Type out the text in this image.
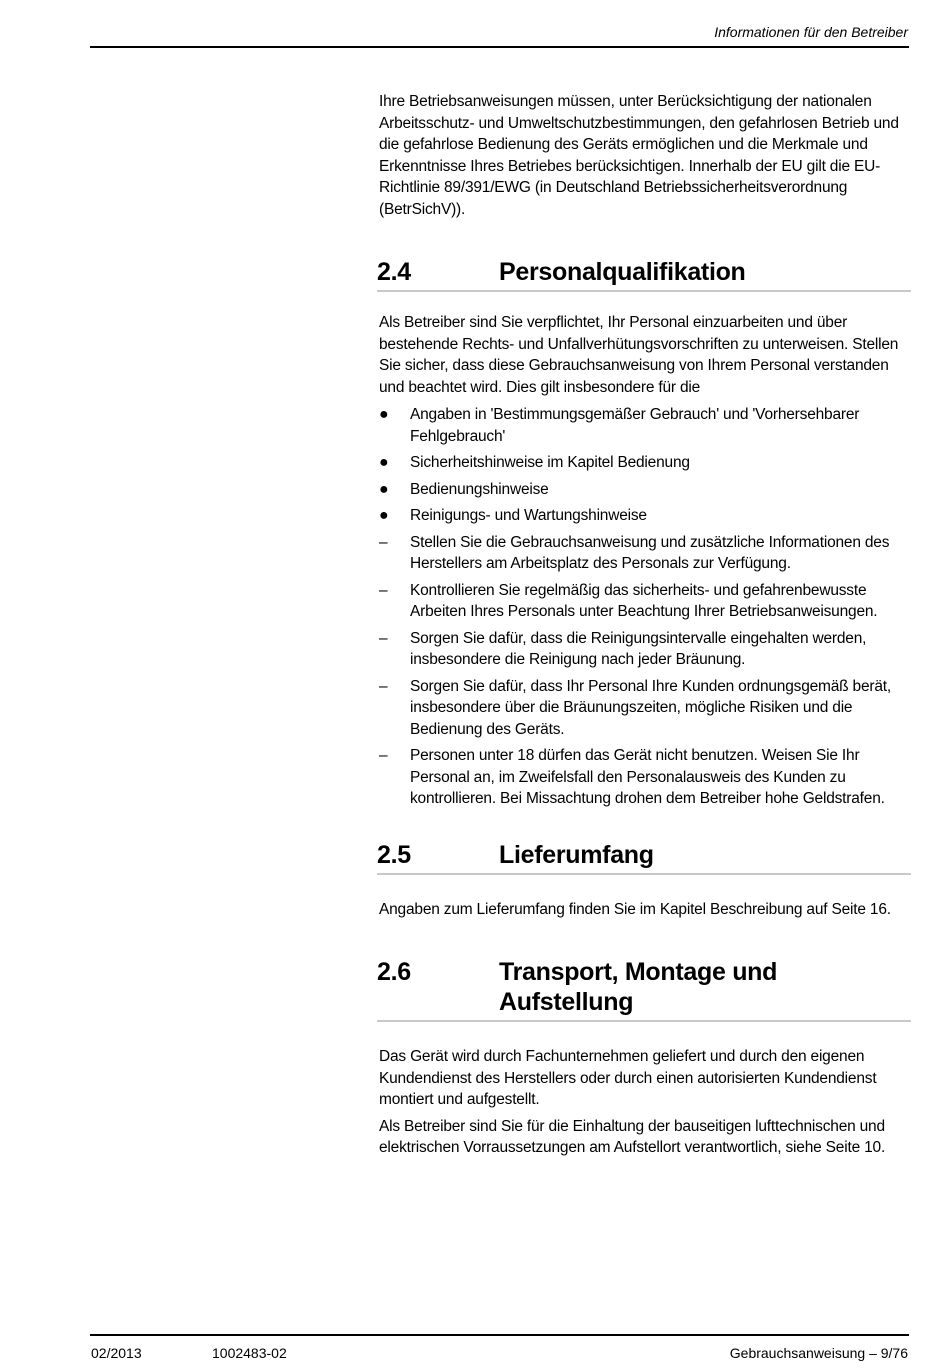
Informationen für den Betreiber

Ihre Betriebsanweisungen müssen, unter Berücksichtigung der nationalen Arbeitsschutz- und Umweltschutzbestimmungen, den gefahrlosen Betrieb und die gefahrlose Bedienung des Geräts ermöglichen und die Merkmale und Erkenntnisse Ihres Betriebes berücksichtigen. Innerhalb der EU gilt die EU-Richtlinie 89/391/EWG (in Deutschland Betriebssicherheitsverordnung (BetrSichV)).

2.4	Personalqualifikation

Als Betreiber sind Sie verpflichtet, Ihr Personal einzuarbeiten und über bestehende Rechts- und Unfallverhütungsvorschriften zu unterweisen. Stellen Sie sicher, dass diese Gebrauchsanweisung von Ihrem Personal verstanden und beachtet wird. Dies gilt insbesondere für die

●	Angaben in 'Bestimmungsgemäßer Gebrauch' und 'Vorhersehbarer Fehlgebrauch'
●	Sicherheitshinweise im Kapitel Bedienung
●	Bedienungshinweise
●	Reinigungs- und Wartungshinweise
–	Stellen Sie die Gebrauchsanweisung und zusätzliche Informationen des Herstellers am Arbeitsplatz des Personals zur Verfügung.
–	Kontrollieren Sie regelmäßig das sicherheits- und gefahrenbewusste Arbeiten Ihres Personals unter Beachtung Ihrer Betriebsanweisungen.
–	Sorgen Sie dafür, dass die Reinigungsintervalle eingehalten werden, insbesondere die Reinigung nach jeder Bräunung.
–	Sorgen Sie dafür, dass Ihr Personal Ihre Kunden ordnungsgemäß berät, insbesondere über die Bräunungszeiten, mögliche Risiken und die Bedienung des Geräts.
–	Personen unter 18 dürfen das Gerät nicht benutzen. Weisen Sie Ihr Personal an, im Zweifelsfall den Personalausweis des Kunden zu kontrollieren. Bei Missachtung drohen dem Betreiber hohe Geldstrafen.
2.5	Lieferumfang

Angaben zum Lieferumfang finden Sie im Kapitel Beschreibung auf Seite 16.

2.6	Transport, Montage und Aufstellung

Das Gerät wird durch Fachunternehmen geliefert und durch den eigenen Kundendienst des Herstellers oder durch einen autorisierten Kundendienst montiert und aufgestellt.

Als Betreiber sind Sie für die Einhaltung der bauseitigen lufttechnischen und elektrischen Vorraussetzungen am Aufstellort verantwortlich, siehe Seite 10.

02/2013	1002483-02	Gebrauchsanweisung – 9/76
